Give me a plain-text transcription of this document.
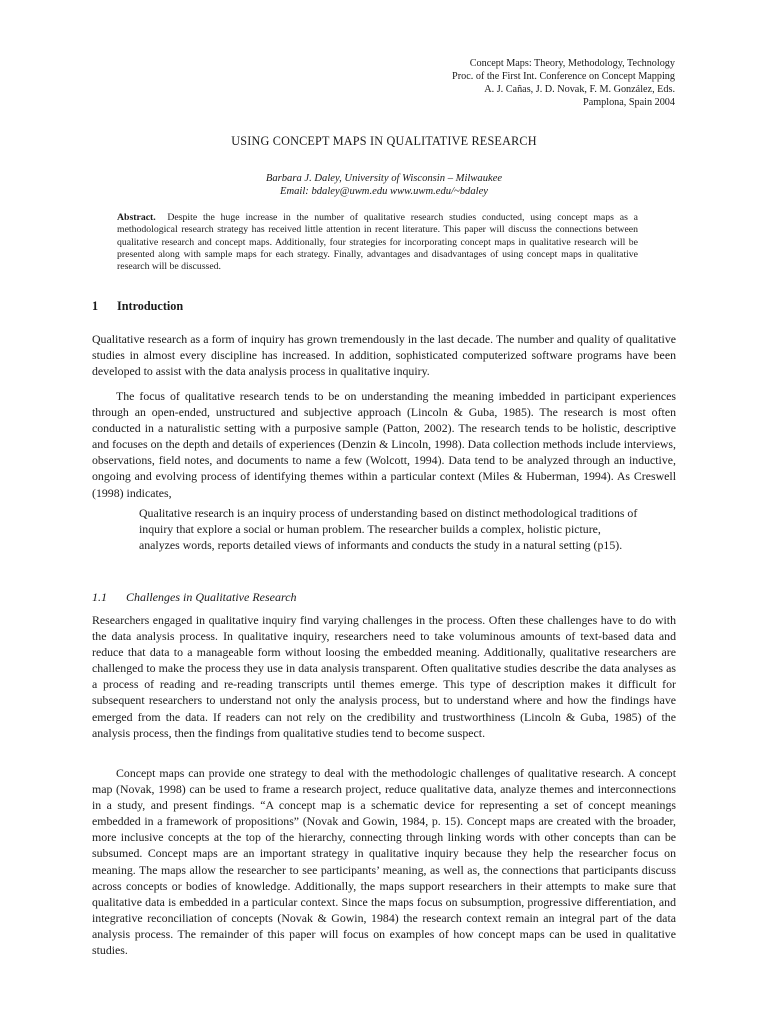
Concept Maps: Theory, Methodology, Technology
Proc. of the First Int. Conference on Concept Mapping
A. J. Cañas, J. D. Novak, F. M. González, Eds.
Pamplona, Spain 2004
USING CONCEPT MAPS IN QUALITATIVE RESEARCH
Barbara J. Daley, University of Wisconsin – Milwaukee
Email: bdaley@uwm.edu www.uwm.edu/~bdaley
Abstract. Despite the huge increase in the number of qualitative research studies conducted, using concept maps as a methodological research strategy has received little attention in recent literature. This paper will discuss the connections between qualitative research and concept maps. Additionally, four strategies for incorporating concept maps in qualitative research will be presented along with sample maps for each strategy. Finally, advantages and disadvantages of using concept maps in qualitative research will be discussed.
1 Introduction

Qualitative research as a form of inquiry has grown tremendously in the last decade. The number and quality of qualitative studies in almost every discipline has increased. In addition, sophisticated computerized software programs have been developed to assist with the data analysis process in qualitative inquiry.

The focus of qualitative research tends to be on understanding the meaning imbedded in participant experiences through an open-ended, unstructured and subjective approach (Lincoln & Guba, 1985). The research is most often conducted in a naturalistic setting with a purposive sample (Patton, 2002). The research tends to be holistic, descriptive and focuses on the depth and details of experiences (Denzin & Lincoln, 1998). Data collection methods include interviews, observations, field notes, and documents to name a few (Wolcott, 1994). Data tend to be analyzed through an inductive, ongoing and evolving process of identifying themes within a particular context (Miles & Huberman, 1994). As Creswell (1998) indicates,

Qualitative research is an inquiry process of understanding based on distinct methodological traditions of inquiry that explore a social or human problem. The researcher builds a complex, holistic picture, analyzes words, reports detailed views of informants and conducts the study in a natural setting (p15).

1.1 Challenges in Qualitative Research

Researchers engaged in qualitative inquiry find varying challenges in the process. Often these challenges have to do with the data analysis process. In qualitative inquiry, researchers need to take voluminous amounts of text-based data and reduce that data to a manageable form without loosing the embedded meaning. Additionally, qualitative researchers are challenged to make the process they use in data analysis transparent. Often qualitative studies describe the data analyses as a process of reading and re-reading transcripts until themes emerge. This type of description makes it difficult for subsequent researchers to understand not only the analysis process, but to understand where and how the findings have emerged from the data. If readers can not rely on the credibility and trustworthiness (Lincoln & Guba, 1985) of the analysis process, then the findings from qualitative studies tend to become suspect.

Concept maps can provide one strategy to deal with the methodologic challenges of qualitative research. A concept map (Novak, 1998) can be used to frame a research project, reduce qualitative data, analyze themes and interconnections in a study, and present findings. “A concept map is a schematic device for representing a set of concept meanings embedded in a framework of propositions” (Novak and Gowin, 1984, p. 15). Concept maps are created with the broader, more inclusive concepts at the top of the hierarchy, connecting through linking words with other concepts than can be subsumed. Concept maps are an important strategy in qualitative inquiry because they help the researcher focus on meaning. The maps allow the researcher to see participants’ meaning, as well as, the connections that participants discuss across concepts or bodies of knowledge. Additionally, the maps support researchers in their attempts to make sure that qualitative data is embedded in a particular context. Since the maps focus on subsumption, progressive differentiation, and integrative reconciliation of concepts (Novak & Gowin, 1984) the research context remain an integral part of the data analysis process. The remainder of this paper will focus on examples of how concept maps can be used in qualitative studies.
